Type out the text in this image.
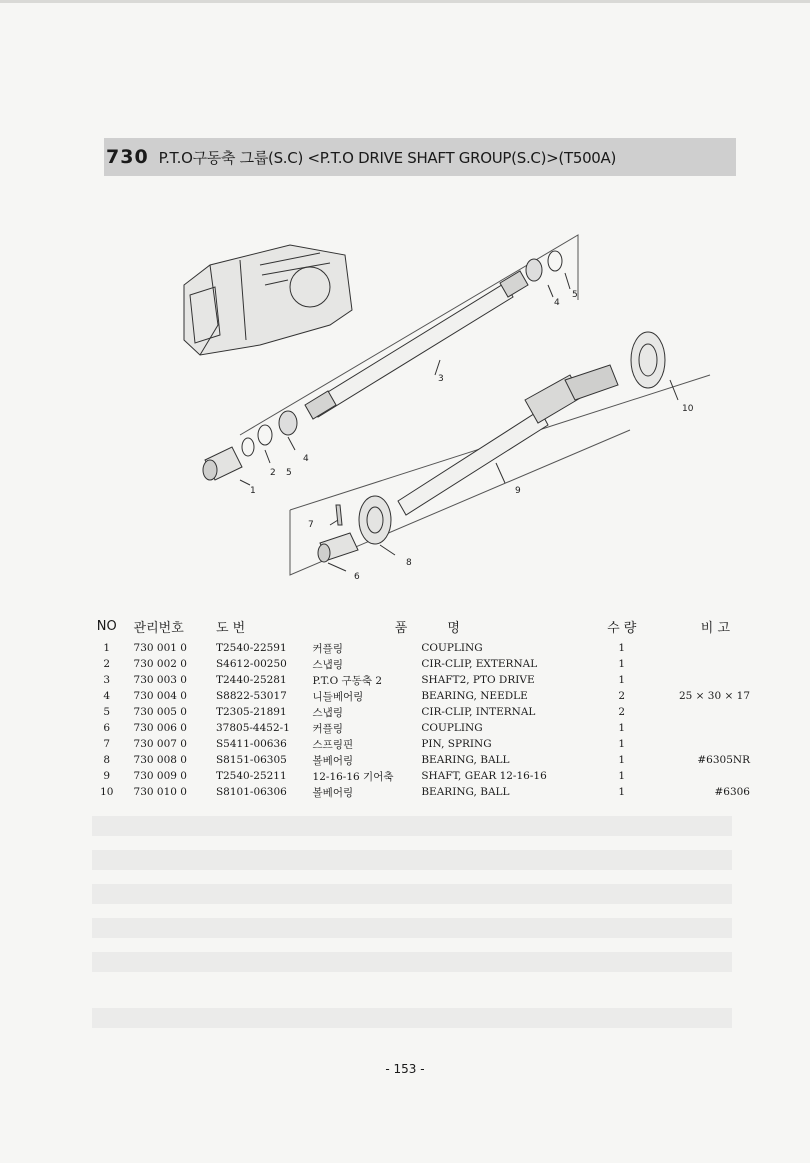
730 P.T.O구동축 그룹(S.C) <P.T.O DRIVE SHAFT GROUP(S.C)>(T500A)
1
2
3
4
5
4
5
6
7
8
9
10
NO	관리번호	도 번	품	명	수 량	비 고
1	730 001 0	T2540-22591	커플링	COUPLING	1	
2	730 002 0	S4612-00250	스냅링	CIR-CLIP, EXTERNAL	1	
3	730 003 0	T2440-25281	P.T.O 구동축 2	SHAFT2, PTO DRIVE	1	
4	730 004 0	S8822-53017	니들베어링	BEARING, NEEDLE	2	25 × 30 × 17
5	730 005 0	T2305-21891	스냅링	CIR-CLIP, INTERNAL	2	
6	730 006 0	37805-4452-1	커플링	COUPLING	1	
7	730 007 0	S5411-00636	스프링핀	PIN, SPRING	1	
8	730 008 0	S8151-06305	볼베어링	BEARING, BALL	1	#6305NR
9	730 009 0	T2540-25211	12-16-16 기어축	SHAFT, GEAR 12-16-16	1	
10	730 010 0	S8101-06306	볼베어링	BEARING, BALL	1	#6306
- 153 -
